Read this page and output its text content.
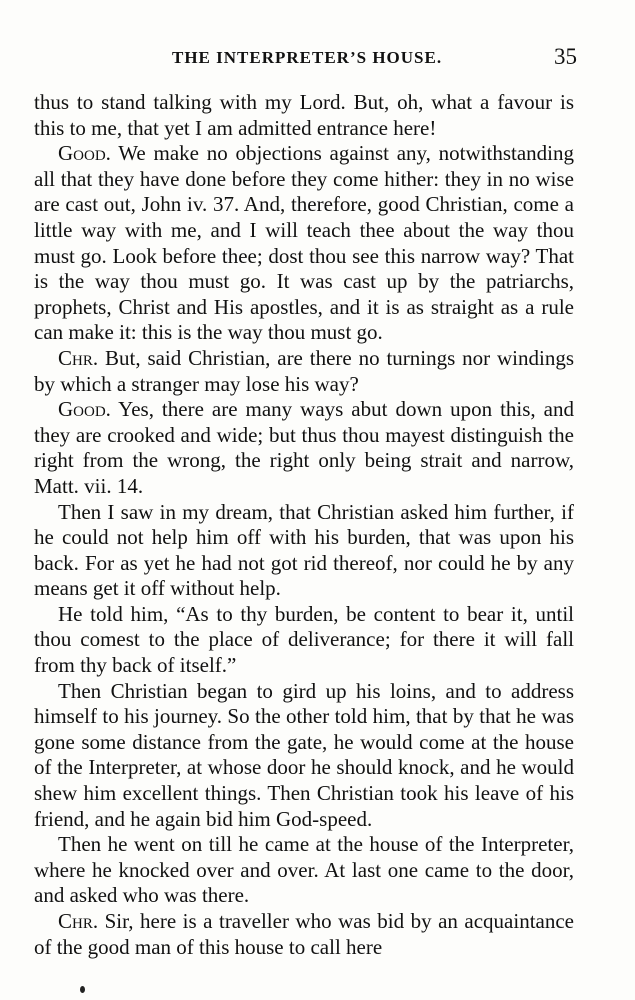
THE INTERPRETER’S HOUSE.	35

thus to stand talking with my Lord. But, oh, what a favour is this to me, that yet I am admitted entrance here!

Good. We make no objections against any, notwithstanding all that they have done before they come hither: they in no wise are cast out, John iv. 37. And, therefore, good Christian, come a little way with me, and I will teach thee about the way thou must go. Look before thee; dost thou see this narrow way? That is the way thou must go. It was cast up by the patriarchs, prophets, Christ and His apostles, and it is as straight as a rule can make it: this is the way thou must go.

Chr. But, said Christian, are there no turnings nor windings by which a stranger may lose his way?

Good. Yes, there are many ways abut down upon this, and they are crooked and wide; but thus thou mayest distinguish the right from the wrong, the right only being strait and narrow, Matt. vii. 14.

Then I saw in my dream, that Christian asked him further, if he could not help him off with his burden, that was upon his back. For as yet he had not got rid thereof, nor could he by any means get it off without help.

He told him, “As to thy burden, be content to bear it, until thou comest to the place of deliverance; for there it will fall from thy back of itself.”

Then Christian began to gird up his loins, and to address himself to his journey. So the other told him, that by that he was gone some distance from the gate, he would come at the house of the Interpreter, at whose door he should knock, and he would shew him excellent things. Then Christian took his leave of his friend, and he again bid him God-speed.

Then he went on till he came at the house of the Interpreter, where he knocked over and over. At last one came to the door, and asked who was there.

Chr. Sir, here is a traveller who was bid by an acquaintance of the good man of this house to call here
